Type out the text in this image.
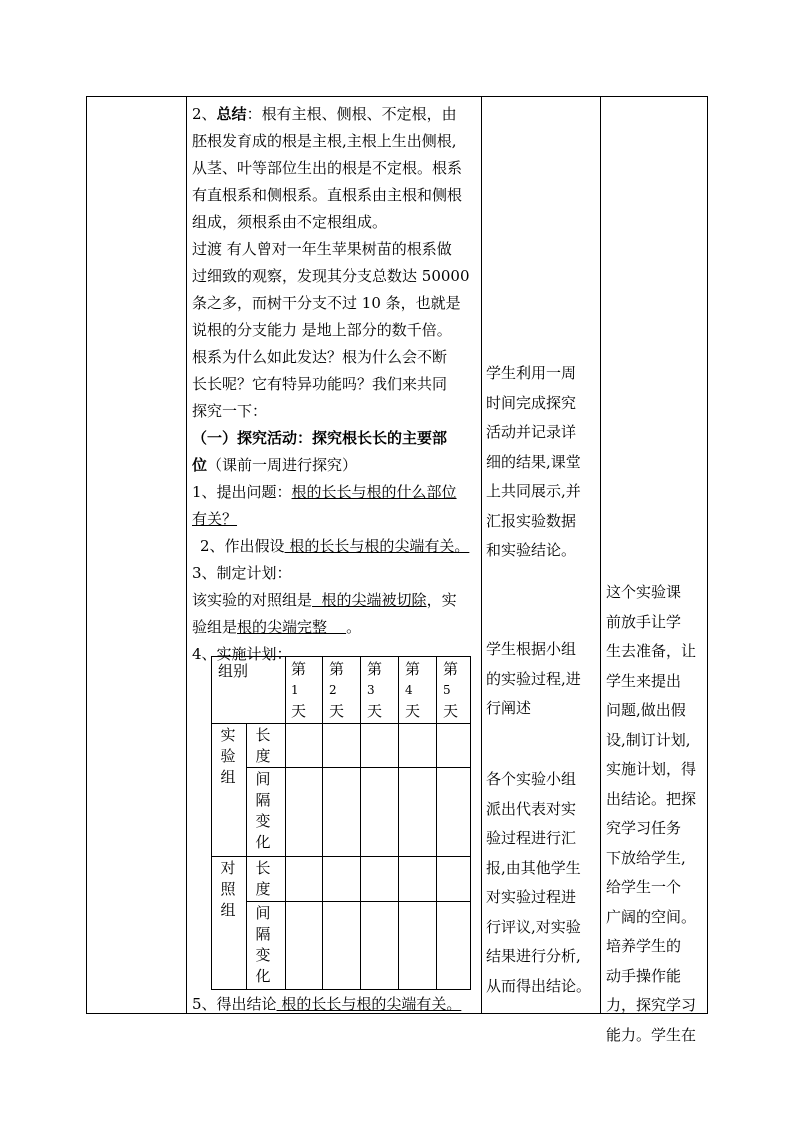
2、总结：根有主根、侧根、不定根，由

胚根发育成的根是主根,主根上生出侧根,

从茎、叶等部位生出的根是不定根。根系

有直根系和侧根系。直根系由主根和侧根

组成，须根系由不定根组成。

过渡 有人曾对一年生苹果树苗的根系做

过细致的观察，发现其分支总数达 50000

条之多，而树干分支不过 10 条，也就是

说根的分支能力 是地上部分的数千倍。

根系为什么如此发达？根为什么会不断

长长呢？它有特异功能吗？我们来共同

探究一下：

（一）探究活动：探究根长长的主要部

位（课前一周进行探究）

1、提出问题：根的长长与根的什么部位

有关？

2、作出假设 根的长长与根的尖端有关。

3、制定计划：

该实验的对照组是  根的尖端被切除，实

验组是根的尖端完整    。

4、实施计划：

5、得出结论 根的长长与根的尖端有关。

学生利用一周
时间完成探究
活动并记录详
细的结果,课堂
上共同展示,并
汇报实验数据
和实验结论。
学生根据小组
的实验过程,进
行阐述
各个实验小组
派出代表对实
验过程进行汇
报,由其他学生
对实验过程进
行评议,对实验
结果进行分析,
从而得出结论。
这个实验课
前放手让学
生去准备，让
学生来提出
问题,做出假
设,制订计划,
实施计划，得
出结论。把探
究学习任务
下放给学生,
给学生一个
广阔的空间。
培养学生的
动手操作能
力，探究学习
能力。学生在
组别	第
1
天
第
2
天
第
3
天
第
4
天
第
5
天
实
验
组
对
照
组
长
度
间
隔
变
化
长
度
间
隔
变
化
